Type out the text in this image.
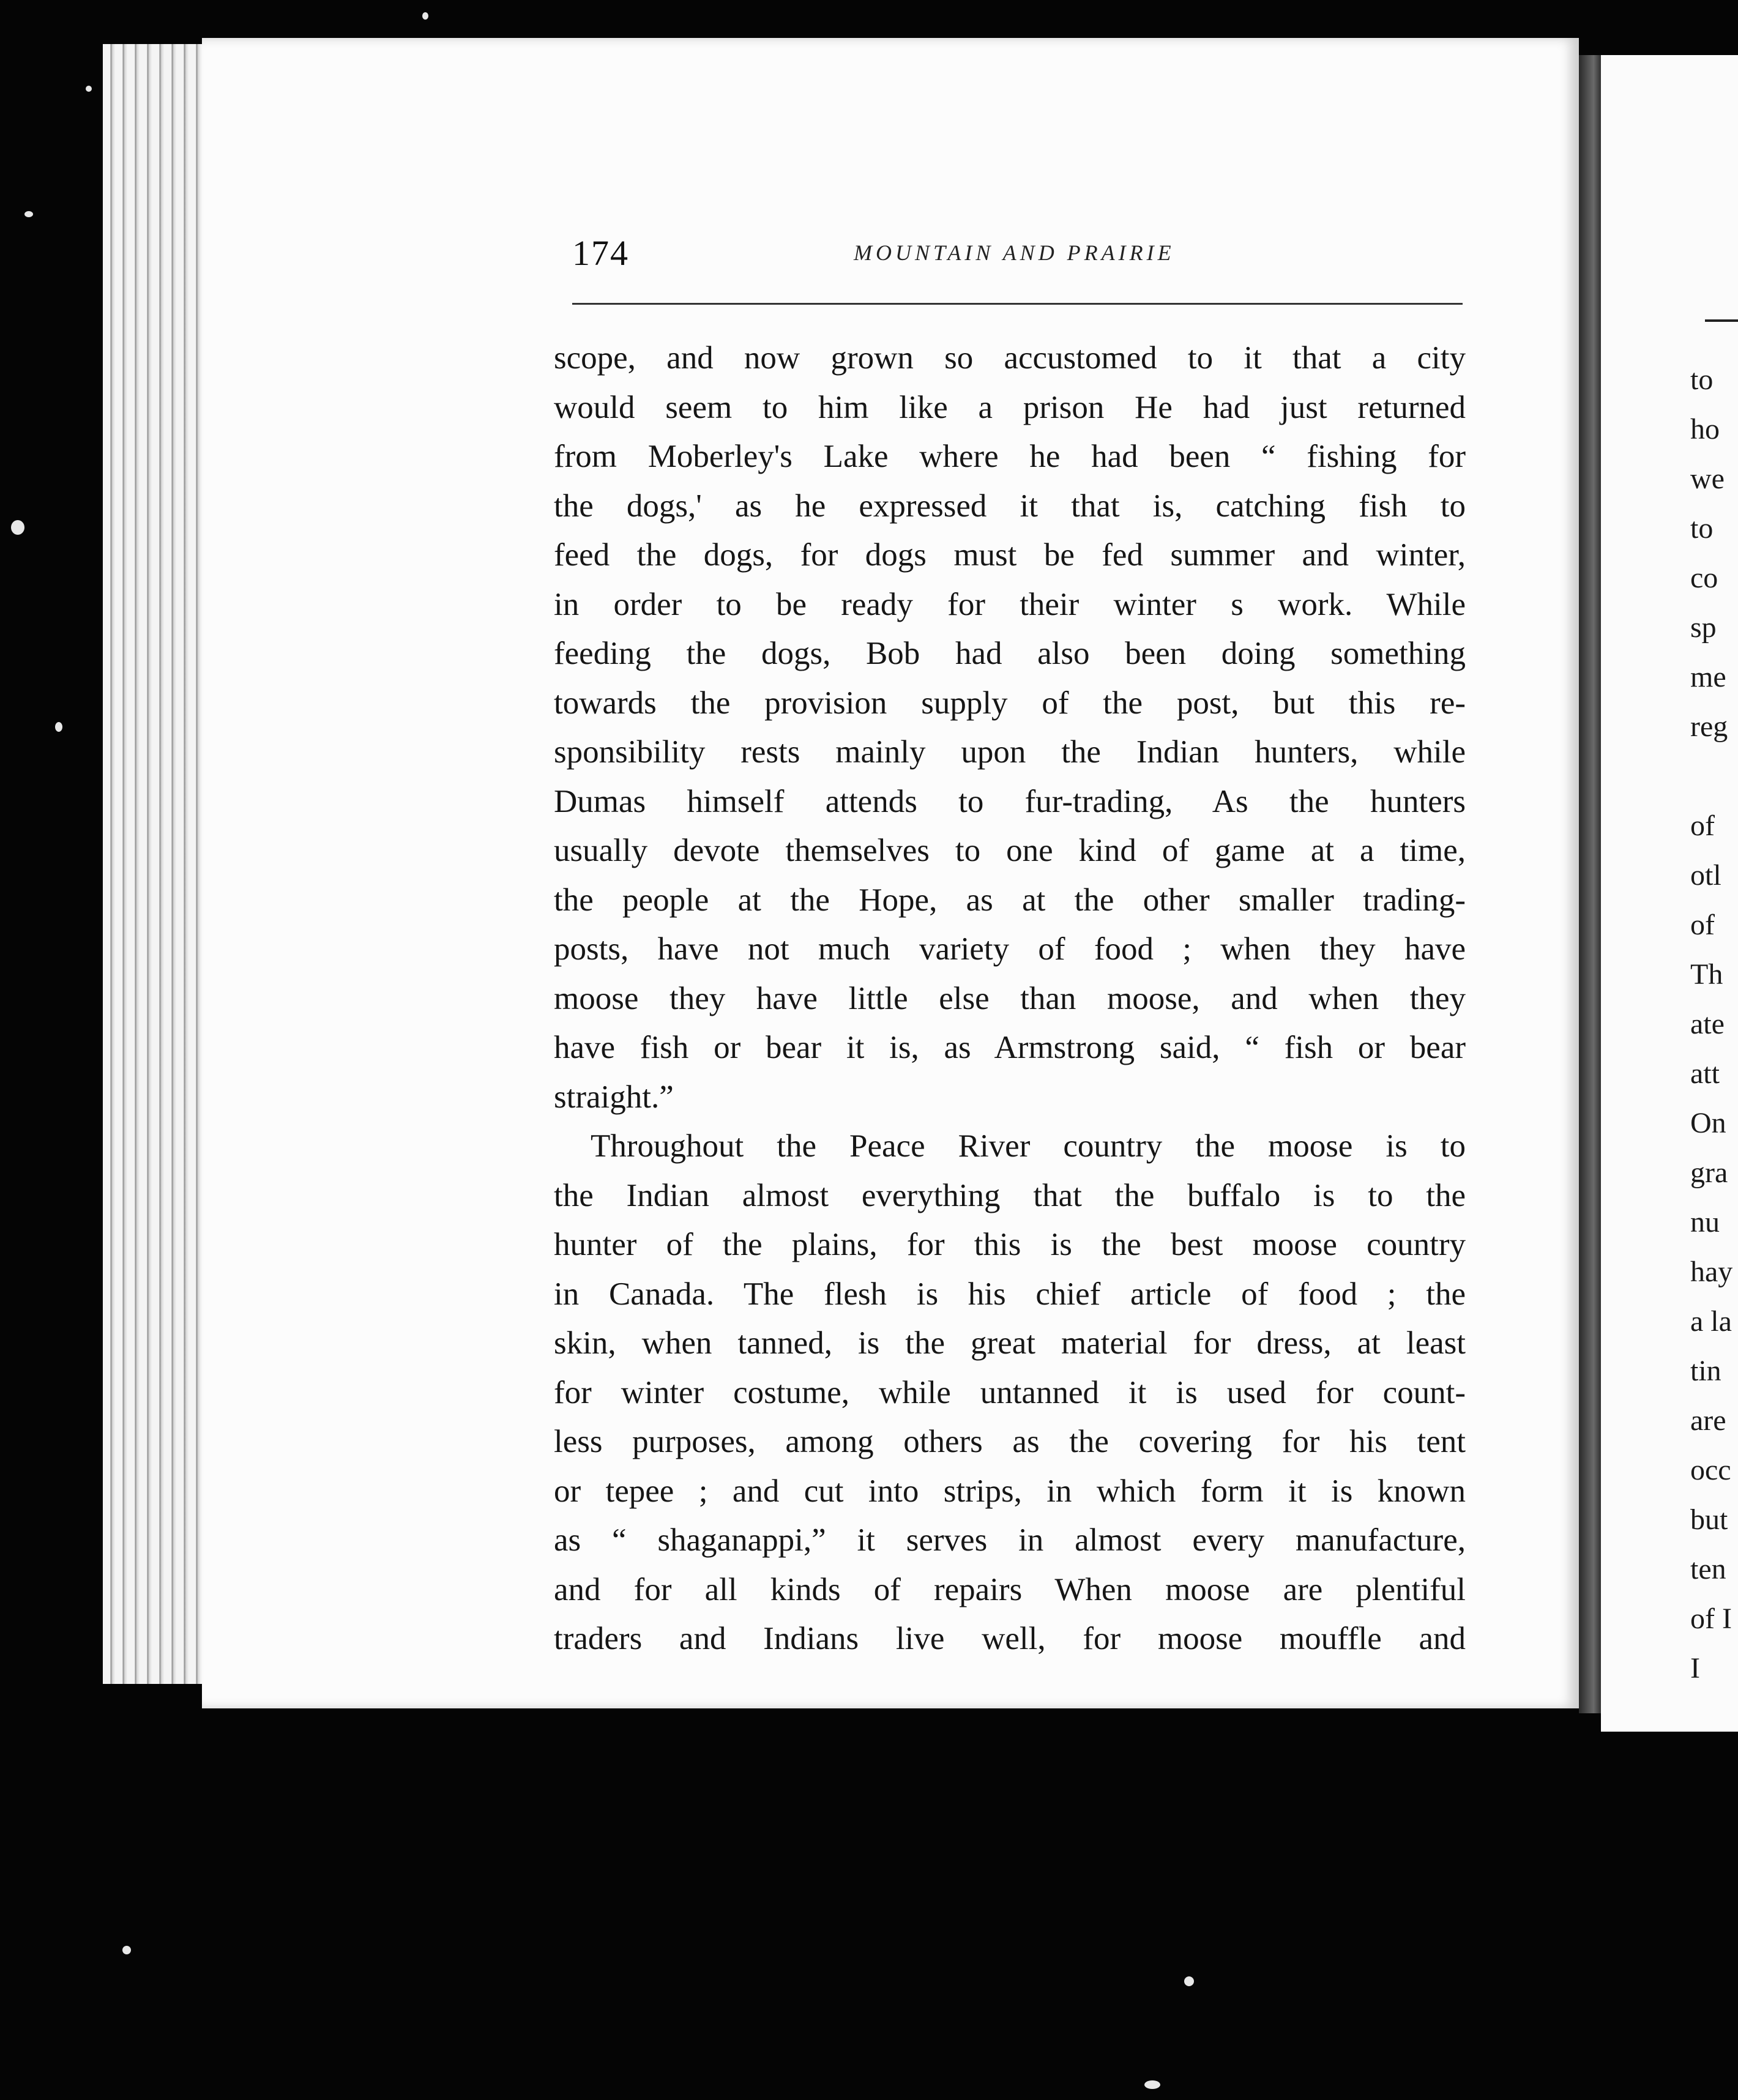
174	MOUNTAIN AND PRAIRIE
scope, and now grown so accustomed to it that a city
would seem to him like a prison He had just returned
from Moberley's Lake where he had been “ fishing for
the dogs,' as he expressed it that is, catching fish to
feed the dogs, for dogs must be fed summer and winter,
in order to be ready for their winter s work. While
feeding the dogs, Bob had also been doing something
towards the provision supply of the post, but this re-
sponsibility rests mainly upon the Indian hunters, while
Dumas himself attends to fur-trading, As the hunters
usually devote themselves to one kind of game at a time,
the people at the Hope, as at the other smaller trading-
posts, have not much variety of food ; when they have
moose they have little else than moose, and when they
have fish or bear it is, as Armstrong said, “ fish or bear
straight.”
Throughout the Peace River country the moose is to
the Indian almost everything that the buffalo is to the
hunter of the plains, for this is the best moose country
in Canada. The flesh is his chief article of food ; the
skin, when tanned, is the great material for dress, at least
for winter costume, while untanned it is used for count-
less purposes, among others as the covering for his tent
or tepee ; and cut into strips, in which form it is known
as “ shaganappi,” it serves in almost every manufacture,
and for all kinds of repairs When moose are plentiful
traders and Indians live well, for moose mouffle and
to
ho
we
to
co
sp
me
reg
of
otl
of
Th
ate
att
On
gra
nu
hay
a la
tin
are
occ
but
ten
of I
I
